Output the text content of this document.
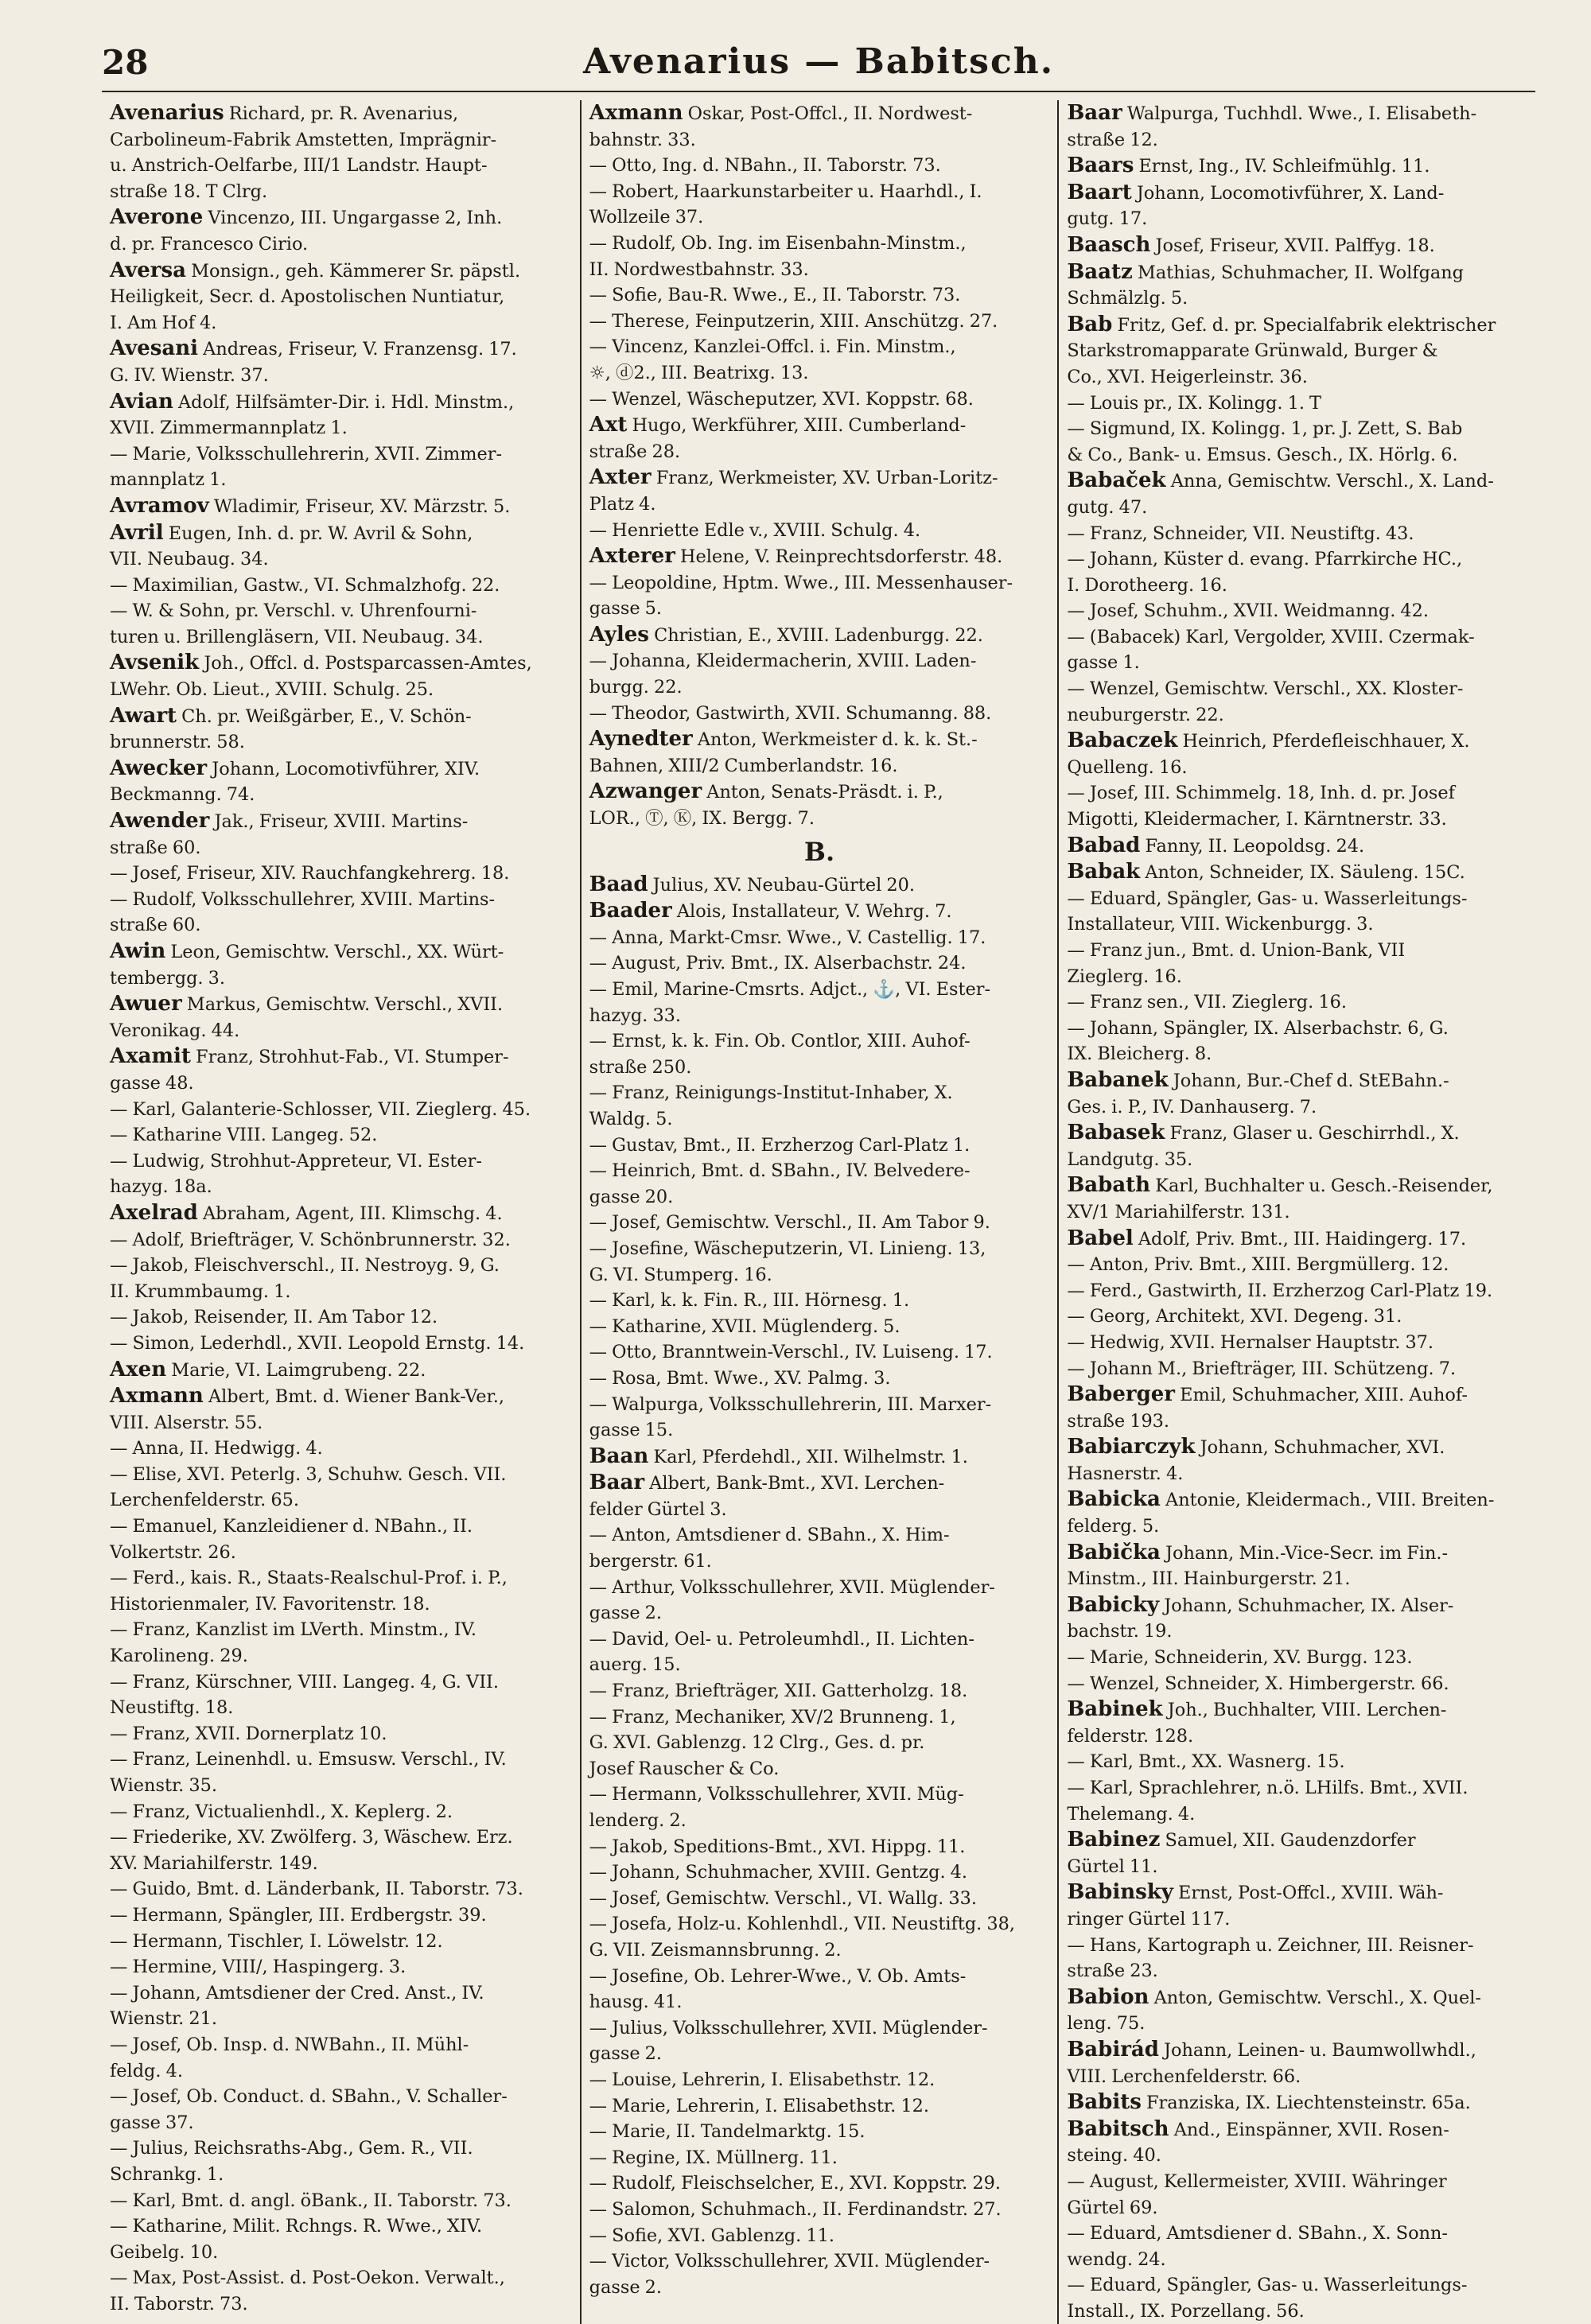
28	Avenarius — Babitsch.
Avenarius Richard, pr. R. Avenarius,
Carbolineum-Fabrik Amstetten, Imprägnir-
u. Anstrich-Oelfarbe, III/1 Landstr. Haupt-
straße 18. T Clrg.
Averone Vincenzo, III. Ungargasse 2, Inh.
d. pr. Francesco Cirio.
Aversa Monsign., geh. Kämmerer Sr. päpstl.
Heiligkeit, Secr. d. Apostolischen Nuntiatur,
I. Am Hof 4.
Avesani Andreas, Friseur, V. Franzensg. 17.
G. IV. Wienstr. 37.
Avian Adolf, Hilfsämter-Dir. i. Hdl. Minstm.,
XVII. Zimmermannplatz 1.
— Marie, Volksschullehrerin, XVII. Zimmer-
mannplatz 1.
Avramov Wladimir, Friseur, XV. Märzstr. 5.
Avril Eugen, Inh. d. pr. W. Avril & Sohn,
VII. Neubaug. 34.
— Maximilian, Gastw., VI. Schmalzhofg. 22.
— W. & Sohn, pr. Verschl. v. Uhrenfourni-
turen u. Brillengläsern, VII. Neubaug. 34.
Avsenik Joh., Offcl. d. Postsparcassen-Amtes,
LWehr. Ob. Lieut., XVIII. Schulg. 25.
Awart Ch. pr. Weißgärber, E., V. Schön-
brunnerstr. 58.
Awecker Johann, Locomotivführer, XIV.
Beckmanng. 74.
Awender Jak., Friseur, XVIII. Martins-
straße 60.
— Josef, Friseur, XIV. Rauchfangkehrerg. 18.
— Rudolf, Volksschullehrer, XVIII. Martins-
straße 60.
Awin Leon, Gemischtw. Verschl., XX. Würt-
tembergg. 3.
Awuer Markus, Gemischtw. Verschl., XVII.
Veronikag. 44.
Axamit Franz, Strohhut-Fab., VI. Stumper-
gasse 48.
— Karl, Galanterie-Schlosser, VII. Zieglerg. 45.
— Katharine VIII. Langeg. 52.
— Ludwig, Strohhut-Appreteur, VI. Ester-
hazyg. 18a.
Axelrad Abraham, Agent, III. Klimschg. 4.
— Adolf, Briefträger, V. Schönbrunnerstr. 32.
— Jakob, Fleischverschl., II. Nestroyg. 9, G.
II. Krummbaumg. 1.
— Jakob, Reisender, II. Am Tabor 12.
— Simon, Lederhdl., XVII. Leopold Ernstg. 14.
Axen Marie, VI. Laimgrubeng. 22.
Axmann Albert, Bmt. d. Wiener Bank-Ver.,
VIII. Alserstr. 55.
— Anna, II. Hedwigg. 4.
— Elise, XVI. Peterlg. 3, Schuhw. Gesch. VII.
Lerchenfelderstr. 65.
— Emanuel, Kanzleidiener d. NBahn., II.
Volkertstr. 26.
— Ferd., kais. R., Staats-Realschul-Prof. i. P.,
Historienmaler, IV. Favoritenstr. 18.
— Franz, Kanzlist im LVerth. Minstm., IV.
Karolineng. 29.
— Franz, Kürschner, VIII. Langeg. 4, G. VII.
Neustiftg. 18.
— Franz, XVII. Dornerplatz 10.
— Franz, Leinenhdl. u. Emsusw. Verschl., IV.
Wienstr. 35.
— Franz, Victualienhdl., X. Keplerg. 2.
— Friederike, XV. Zwölferg. 3, Wäschew. Erz.
XV. Mariahilferstr. 149.
— Guido, Bmt. d. Länderbank, II. Taborstr. 73.
— Hermann, Spängler, III. Erdbergstr. 39.
— Hermann, Tischler, I. Löwelstr. 12.
— Hermine, VIII/, Haspingerg. 3.
— Johann, Amtsdiener der Cred. Anst., IV.
Wienstr. 21.
— Josef, Ob. Insp. d. NWBahn., II. Mühl-
feldg. 4.
— Josef, Ob. Conduct. d. SBahn., V. Schaller-
gasse 37.
— Julius, Reichsraths-Abg., Gem. R., VII.
Schrankg. 1.
— Karl, Bmt. d. angl. öBank., II. Taborstr. 73.
— Katharine, Milit. Rchngs. R. Wwe., XIV.
Geibelg. 10.
— Max, Post-Assist. d. Post-Oekon. Verwalt.,
II. Taborstr. 73.
Axmann Oskar, Post-Offcl., II. Nordwest-
bahnstr. 33.
— Otto, Ing. d. NBahn., II. Taborstr. 73.
— Robert, Haarkunstarbeiter u. Haarhdl., I.
Wollzeile 37.
— Rudolf, Ob. Ing. im Eisenbahn-Minstm.,
II. Nordwestbahnstr. 33.
— Sofie, Bau-R. Wwe., E., II. Taborstr. 73.
— Therese, Feinputzerin, XIII. Anschützg. 27.
— Vincenz, Kanzlei-Offcl. i. Fin. Minstm.,
☼, ⓓ2., III. Beatrixg. 13.
— Wenzel, Wäscheputzer, XVI. Koppstr. 68.
Axt Hugo, Werkführer, XIII. Cumberland-
straße 28.
Axter Franz, Werkmeister, XV. Urban-Loritz-
Platz 4.
— Henriette Edle v., XVIII. Schulg. 4.
Axterer Helene, V. Reinprechtsdorferstr. 48.
— Leopoldine, Hptm. Wwe., III. Messenhauser-
gasse 5.
Ayles Christian, E., XVIII. Ladenburgg. 22.
— Johanna, Kleidermacherin, XVIII. Laden-
burgg. 22.
— Theodor, Gastwirth, XVII. Schumanng. 88.
Aynedter Anton, Werkmeister d. k. k. St.-
Bahnen, XIII/2 Cumberlandstr. 16.
Azwanger Anton, Senats-Präsdt. i. P.,
LOR., Ⓣ, Ⓚ, IX. Bergg. 7.
B.
Baad Julius, XV. Neubau-Gürtel 20.
Baader Alois, Installateur, V. Wehrg. 7.
— Anna, Markt-Cmsr. Wwe., V. Castellig. 17.
— August, Priv. Bmt., IX. Alserbachstr. 24.
— Emil, Marine-Cmsrts. Adjct., ⚓, VI. Ester-
hazyg. 33.
— Ernst, k. k. Fin. Ob. Contlor, XIII. Auhof-
straße 250.
— Franz, Reinigungs-Institut-Inhaber, X.
Waldg. 5.
— Gustav, Bmt., II. Erzherzog Carl-Platz 1.
— Heinrich, Bmt. d. SBahn., IV. Belvedere-
gasse 20.
— Josef, Gemischtw. Verschl., II. Am Tabor 9.
— Josefine, Wäscheputzerin, VI. Linieng. 13,
G. VI. Stumperg. 16.
— Karl, k. k. Fin. R., III. Hörnesg. 1.
— Katharine, XVII. Müglenderg. 5.
— Otto, Branntwein-Verschl., IV. Luiseng. 17.
— Rosa, Bmt. Wwe., XV. Palmg. 3.
— Walpurga, Volksschullehrerin, III. Marxer-
gasse 15.
Baan Karl, Pferdehdl., XII. Wilhelmstr. 1.
Baar Albert, Bank-Bmt., XVI. Lerchen-
felder Gürtel 3.
— Anton, Amtsdiener d. SBahn., X. Him-
bergerstr. 61.
— Arthur, Volksschullehrer, XVII. Müglender-
gasse 2.
— David, Oel- u. Petroleumhdl., II. Lichten-
auerg. 15.
— Franz, Briefträger, XII. Gatterholzg. 18.
— Franz, Mechaniker, XV/2 Brunneng. 1,
G. XVI. Gablenzg. 12 Clrg., Ges. d. pr.
Josef Rauscher & Co.
— Hermann, Volksschullehrer, XVII. Müg-
lenderg. 2.
— Jakob, Speditions-Bmt., XVI. Hippg. 11.
— Johann, Schuhmacher, XVIII. Gentzg. 4.
— Josef, Gemischtw. Verschl., VI. Wallg. 33.
— Josefa, Holz-u. Kohlenhdl., VII. Neustiftg. 38,
G. VII. Zeismannsbrunng. 2.
— Josefine, Ob. Lehrer-Wwe., V. Ob. Amts-
hausg. 41.
— Julius, Volksschullehrer, XVII. Müglender-
gasse 2.
— Louise, Lehrerin, I. Elisabethstr. 12.
— Marie, Lehrerin, I. Elisabethstr. 12.
— Marie, II. Tandelmarktg. 15.
— Regine, IX. Müllnerg. 11.
— Rudolf, Fleischselcher, E., XVI. Koppstr. 29.
— Salomon, Schuhmach., II. Ferdinandstr. 27.
— Sofie, XVI. Gablenzg. 11.
— Victor, Volksschullehrer, XVII. Müglender-
gasse 2.
Baar Walpurga, Tuchhdl. Wwe., I. Elisabeth-
straße 12.
Baars Ernst, Ing., IV. Schleifmühlg. 11.
Baart Johann, Locomotivführer, X. Land-
gutg. 17.
Baasch Josef, Friseur, XVII. Palffyg. 18.
Baatz Mathias, Schuhmacher, II. Wolfgang
Schmälzlg. 5.
Bab Fritz, Gef. d. pr. Specialfabrik elektrischer
Starkstromapparate Grünwald, Burger &
Co., XVI. Heigerleinstr. 36.
— Louis pr., IX. Kolingg. 1. T
— Sigmund, IX. Kolingg. 1, pr. J. Zett, S. Bab
& Co., Bank- u. Emsus. Gesch., IX. Hörlg. 6.
Babaček Anna, Gemischtw. Verschl., X. Land-
gutg. 47.
— Franz, Schneider, VII. Neustiftg. 43.
— Johann, Küster d. evang. Pfarrkirche HC.,
I. Dorotheerg. 16.
— Josef, Schuhm., XVII. Weidmanng. 42.
— (Babacek) Karl, Vergolder, XVIII. Czermak-
gasse 1.
— Wenzel, Gemischtw. Verschl., XX. Kloster-
neuburgerstr. 22.
Babaczek Heinrich, Pferdefleischhauer, X.
Quelleng. 16.
— Josef, III. Schimmelg. 18, Inh. d. pr. Josef
Migotti, Kleidermacher, I. Kärntnerstr. 33.
Babad Fanny, II. Leopoldsg. 24.
Babak Anton, Schneider, IX. Säuleng. 15C.
— Eduard, Spängler, Gas- u. Wasserleitungs-
Installateur, VIII. Wickenburgg. 3.
— Franz jun., Bmt. d. Union-Bank, VII
Zieglerg. 16.
— Franz sen., VII. Zieglerg. 16.
— Johann, Spängler, IX. Alserbachstr. 6, G.
IX. Bleicherg. 8.
Babanek Johann, Bur.-Chef d. StEBahn.-
Ges. i. P., IV. Danhauserg. 7.
Babasek Franz, Glaser u. Geschirrhdl., X.
Landgutg. 35.
Babath Karl, Buchhalter u. Gesch.-Reisender,
XV/1 Mariahilferstr. 131.
Babel Adolf, Priv. Bmt., III. Haidingerg. 17.
— Anton, Priv. Bmt., XIII. Bergmüllerg. 12.
— Ferd., Gastwirth, II. Erzherzog Carl-Platz 19.
— Georg, Architekt, XVI. Degeng. 31.
— Hedwig, XVII. Hernalser Hauptstr. 37.
— Johann M., Briefträger, III. Schützeng. 7.
Baberger Emil, Schuhmacher, XIII. Auhof-
straße 193.
Babiarczyk Johann, Schuhmacher, XVI.
Hasnerstr. 4.
Babicka Antonie, Kleidermach., VIII. Breiten-
felderg. 5.
Babička Johann, Min.-Vice-Secr. im Fin.-
Minstm., III. Hainburgerstr. 21.
Babicky Johann, Schuhmacher, IX. Alser-
bachstr. 19.
— Marie, Schneiderin, XV. Burgg. 123.
— Wenzel, Schneider, X. Himbergerstr. 66.
Babinek Joh., Buchhalter, VIII. Lerchen-
felderstr. 128.
— Karl, Bmt., XX. Wasnerg. 15.
— Karl, Sprachlehrer, n.ö. LHilfs. Bmt., XVII.
Thelemang. 4.
Babinez Samuel, XII. Gaudenzdorfer
Gürtel 11.
Babinsky Ernst, Post-Offcl., XVIII. Wäh-
ringer Gürtel 117.
— Hans, Kartograph u. Zeichner, III. Reisner-
straße 23.
Babion Anton, Gemischtw. Verschl., X. Quel-
leng. 75.
Babirád Johann, Leinen- u. Baumwollwhdl.,
VIII. Lerchenfelderstr. 66.
Babits Franziska, IX. Liechtensteinstr. 65a.
Babitsch And., Einspänner, XVII. Rosen-
steing. 40.
— August, Kellermeister, XVIII. Währinger
Gürtel 69.
— Eduard, Amtsdiener d. SBahn., X. Sonn-
wendg. 24.
— Eduard, Spängler, Gas- u. Wasserleitungs-
Install., IX. Porzellang. 56.
